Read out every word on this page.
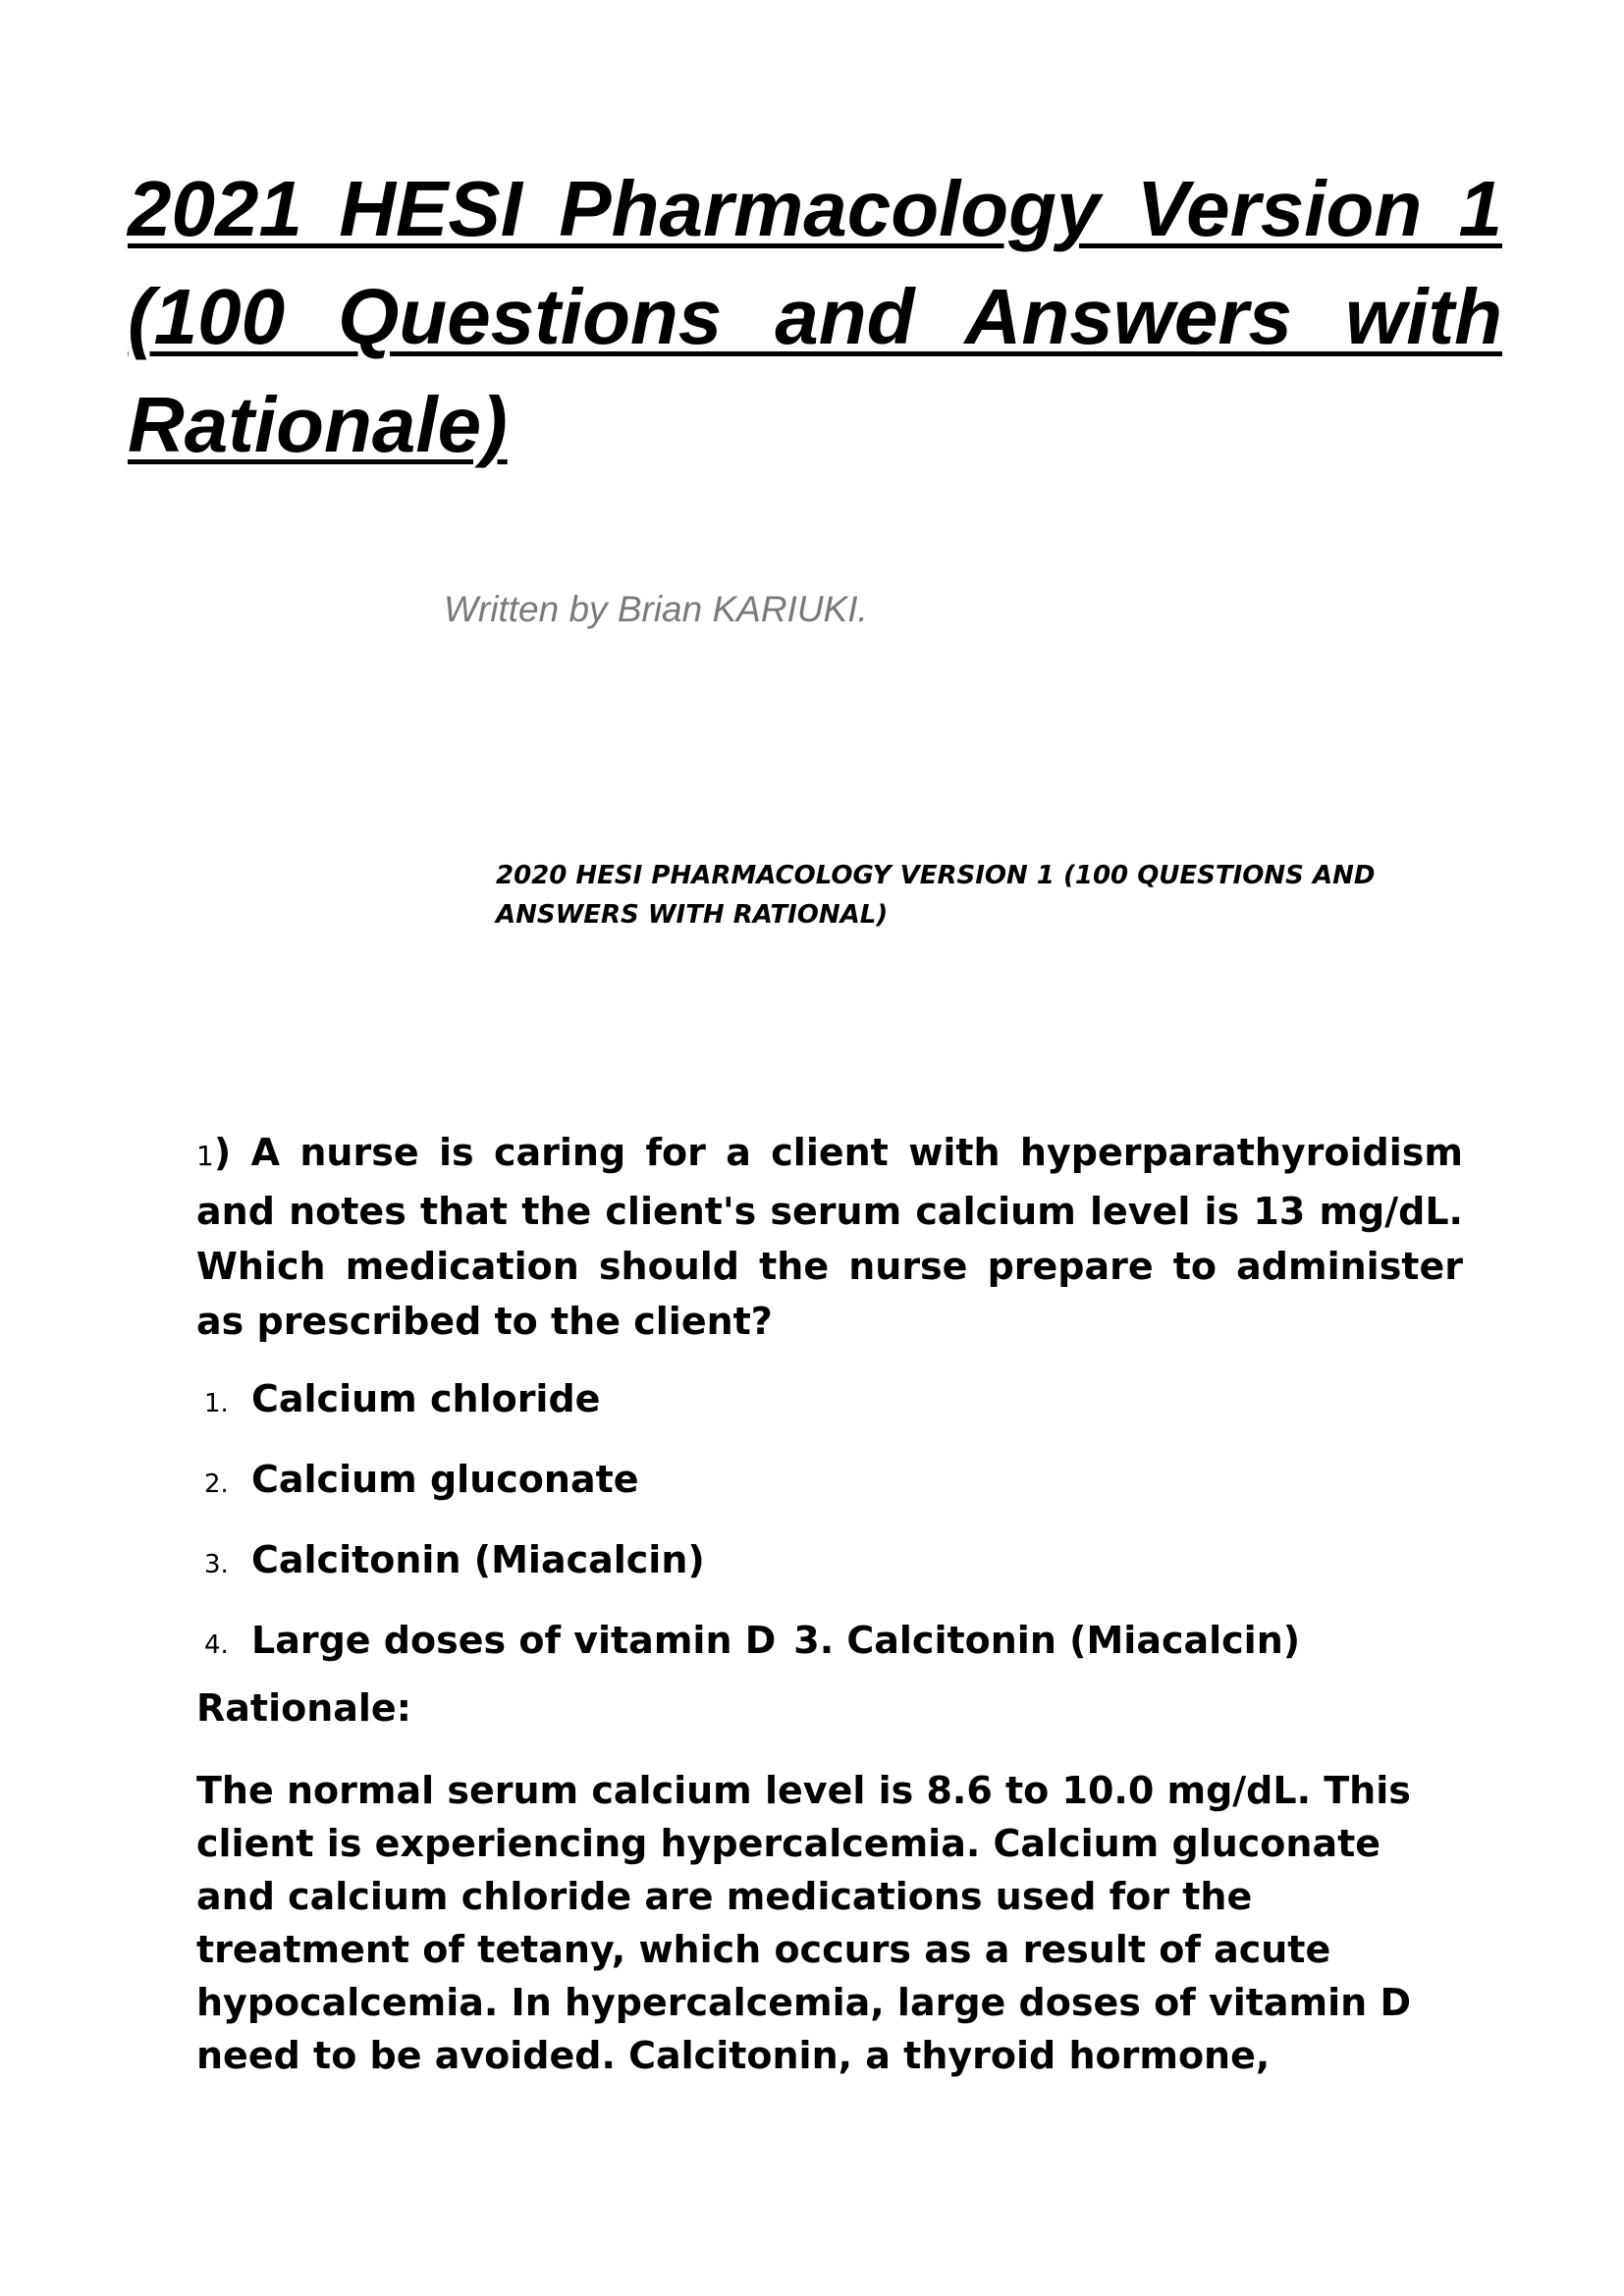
2021 HESI Pharmacology Version 1 (100 Questions and Answers with Rationale)
Written by Brian KARIUKI.
2020 HESI PHARMACOLOGY VERSION 1 (100 QUESTIONS AND ANSWERS WITH RATIONAL)
1) A nurse is caring for a client with hyperparathyroidism and notes that the client's serum calcium level is 13 mg/dL. Which medication should the nurse prepare to administer as prescribed to the client?
1. Calcium chloride
2. Calcium gluconate
3. Calcitonin (Miacalcin)
4. Large doses of vitamin D 3. Calcitonin (Miacalcin)
Rationale:
The normal serum calcium level is 8.6 to 10.0 mg/dL. This
client is experiencing hypercalcemia. Calcium gluconate
and calcium chloride are medications used for the
treatment of tetany, which occurs as a result of acute
hypocalcemia. In hypercalcemia, large doses of vitamin D
need to be avoided. Calcitonin, a thyroid hormone,
